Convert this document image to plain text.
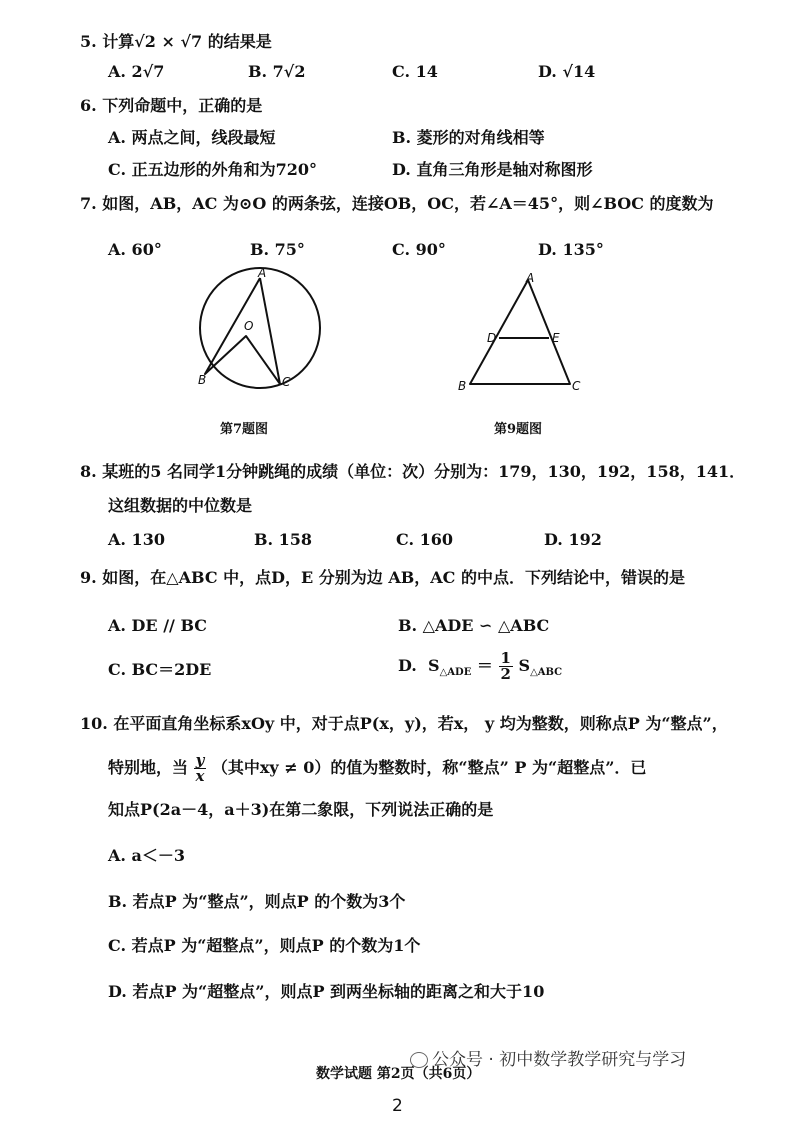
5. 计算√2 × √7 的结果是
A. 2√7	B. 7√2	C. 14	D. √14
6. 下列命题中，正确的是
A. 两点之间，线段最短	B. 菱形的对角线相等
C. 正五边形的外角和为720°	D. 直角三角形是轴对称图形
7. 如图，AB，AC 为⊙O 的两条弦，连接OB，OC，若∠A＝45°，则∠BOC 的度数为
A. 60°	B. 75°	C. 90°	D. 135°
A
O
B	C
第7题图
A
D	E
B	C
第9题图
8. 某班的5 名同学1分钟跳绳的成绩（单位：次）分别为：179，130，192，158，141．
这组数据的中位数是
A. 130	B. 158	C. 160	D. 192
9. 如图，在△ABC 中，点D，E 分别为边 AB，AC 的中点．下列结论中，错误的是
A. DE // BC	B. △ADE ∽ △ABC
C. BC＝2DE	D. $S_{\triangle ADE} = \frac{1}{2} S_{\triangle ABC}$
10. 在平面直角坐标系xOy 中，对于点P(x，y)，若x， y 均为整数，则称点P 为“整点”，
特别地，当 $\frac{y}{x}$ （其中xy ≠ 0）的值为整数时，称“整点” P 为“超整点”．已
知点P(2a－4，a＋3)在第二象限，下列说法正确的是
A. a＜－3
B. 若点P 为“整点”，则点P 的个数为3个
C. 若点P 为“超整点”，则点P 的个数为1个
D. 若点P 为“超整点”，则点P 到两坐标轴的距离之和大于10
公众号 · 初中数学教学研究与学习
数学试题 第2页（共6页）
2
